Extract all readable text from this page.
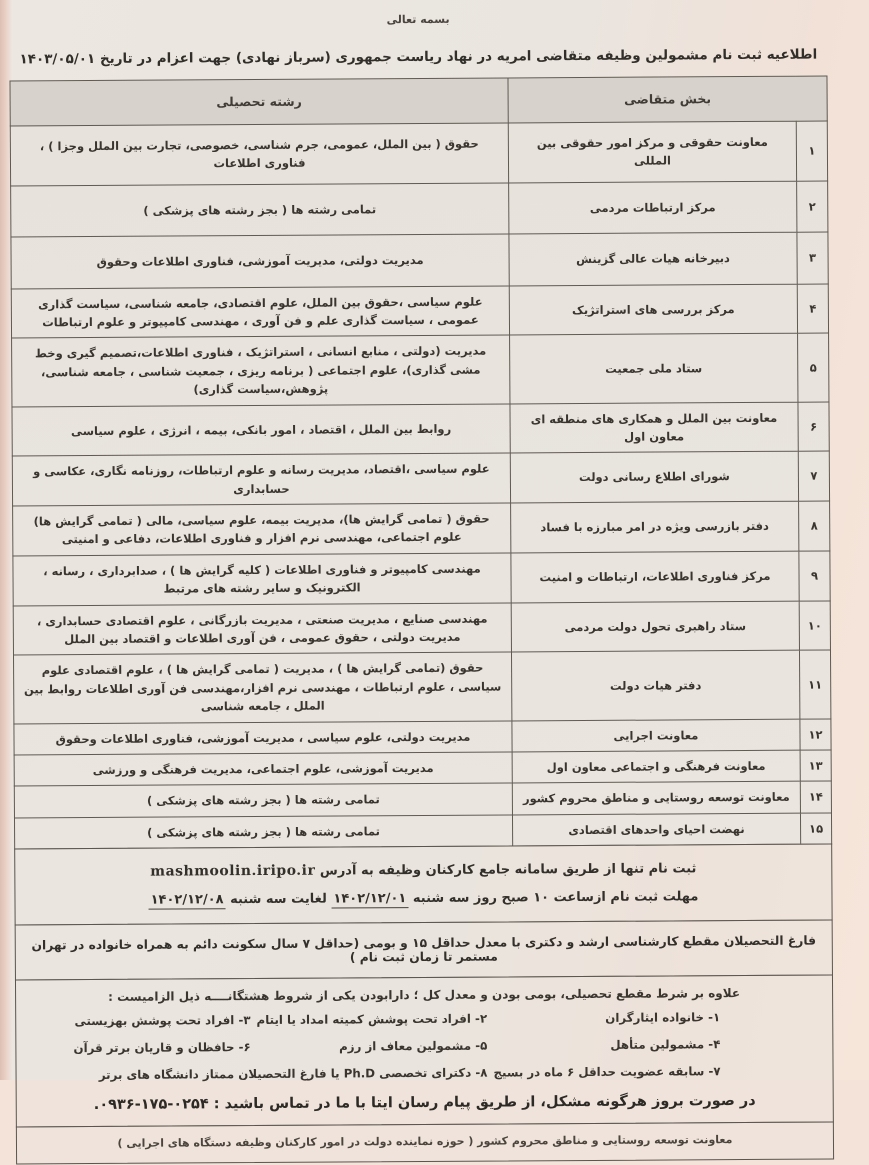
بسمه تعالی
اطلاعیه ثبت نام مشمولین وظیفه متقاضی امریه در نهاد ریاست جمهوری (سرباز نهادی) جهت اعزام در تاریخ ۱۴۰۳/۰۵/۰۱
بخش متقاضی		رشته تحصیلی
۱	معاونت حقوقی و مرکز امور حقوقی بین المللی	حقوق ( بین الملل، عمومی، جرم شناسی، خصوصی، تجارت بین الملل وجزا ) ، فناوری اطلاعات
۲	مرکز ارتباطات مردمی	تمامی رشته ها ( بجز رشته های پزشکی )
۳	دبیرخانه هیات عالی گزینش	مدیریت دولتی، مدیریت آموزشی، فناوری اطلاعات وحقوق
۴	مرکز بررسی های استراتژیک	علوم سیاسی ،حقوق بین الملل، علوم اقتصادی، جامعه شناسی، سیاست گذاری عمومی ، سیاست گذاری علم و فن آوری ، مهندسی کامپیوتر و علوم ارتباطات
۵	ستاد ملی جمعیت	مدیریت (دولتی ، منابع انسانی ، استراتژیک ، فناوری اطلاعات،تصمیم گیری وخط مشی گذاری)، علوم اجتماعی ( برنامه ریزی ، جمعیت شناسی ، جامعه شناسی، پژوهش،سیاست گذاری)
۶	معاونت بین الملل و همکاری های منطقه ای معاون اول	روابط بین الملل ، اقتصاد ، امور بانکی، بیمه ، انرژی ، علوم سیاسی
۷	شورای اطلاع رسانی دولت	علوم سیاسی ،اقتصاد، مدیریت رسانه و علوم ارتباطات، روزنامه نگاری، عکاسی و حسابداری
۸	دفتر بازرسی ویژه در امر مبارزه با فساد	حقوق ( تمامی گرایش ها)، مدیریت بیمه، علوم سیاسی، مالی ( تمامی گرایش ها) علوم اجتماعی، مهندسی نرم افزار و فناوری اطلاعات، دفاعی و امنیتی
۹	مرکز فناوری اطلاعات، ارتباطات و امنیت	مهندسی کامپیوتر و فناوری اطلاعات ( کلیه گرایش ها ) ، صدابرداری ، رسانه ، الکترونیک و سایر رشته های مرتبط
۱۰	ستاد راهبری تحول دولت مردمی	مهندسی صنایع ، مدیریت صنعتی ، مدیریت بازرگانی ، علوم اقتصادی حسابداری ، مدیریت دولتی ، حقوق عمومی ، فن آوری اطلاعات و اقتصاد بین الملل
۱۱	دفتر هیات دولت	حقوق (تمامی گرایش ها ) ، مدیریت ( تمامی گرایش ها ) ، علوم اقتصادی علوم سیاسی ، علوم ارتباطات ، مهندسی نرم افزار،مهندسی فن آوری اطلاعات روابط بین الملل ، جامعه شناسی
۱۲	معاونت اجرایی	مدیریت دولتی، علوم سیاسی ، مدیریت آموزشی، فناوری اطلاعات وحقوق
۱۳	معاونت فرهنگی و اجتماعی معاون اول	مدیریت آموزشی، علوم اجتماعی، مدیریت فرهنگی و ورزشی
۱۴	معاونت توسعه روستایی و مناطق محروم کشور	تمامی رشته ها ( بجز رشته های پزشکی )
۱۵	نهضت احیای واحدهای اقتصادی	تمامی رشته ها ( بجز رشته های پزشکی )
ثبت نام تنها از طریق سامانه جامع کارکنان وظیفه به آدرس mashmoolin.iripo.ir
مهلت ثبت نام ازساعت ۱۰ صبح روز سه شنبه ۱۴۰۲/۱۲/۰۱ لغایت سه شنبه ۱۴۰۲/۱۲/۰۸
فارغ التحصیلان مقطع کارشناسی ارشد و دکتری با معدل حداقل ۱۵ و بومی (حداقل ۷ سال سکونت دائم به همراه خانواده در تهران مستمر تا زمان ثبت نام )
علاوه بر شرط مقطع تحصیلی، بومی بودن و معدل کل ؛ دارابودن یکی از شروط هشتگانــــه ذیل الزامیست :
۱- خانواده ایثارگران
۲- افراد تحت پوشش کمیته امداد یا ایتام
۳- افراد تحت پوشش بهزیستی
۴- مشمولین متأهل
۵- مشمولین معاف از رزم
۶- حافظان و قاریان برتر قرآن
۷- سابقه عضویت حداقل ۶ ماه در بسیج
۸- دکترای تخصصی Ph.D یا فارغ التحصیلان ممتاز دانشگاه های برتر
در صورت بروز هرگونه مشکل، از طریق پیام رسان ایتا با ما در تماس باشید : ۰۲۵۴-۱۷۵-۰۹۳۶.
معاونت توسعه روستایی و مناطق محروم کشور ( حوزه نماینده دولت در امور کارکنان وظیفه دستگاه های اجرایی )
